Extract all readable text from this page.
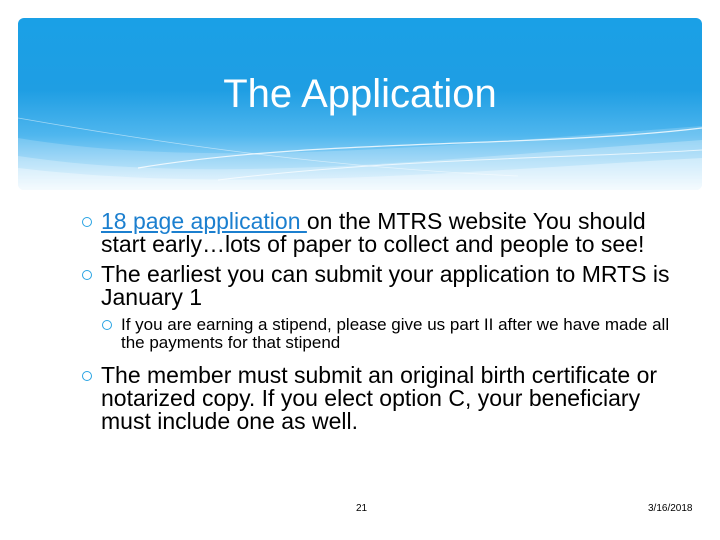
The Application
18 page application on the MTRS website You should start early…lots of paper to collect and people to see!
The earliest you can submit your application to MRTS is January 1
If you are earning a stipend, please give us part II after we have made all the payments for that stipend
The member must submit an original birth certificate or notarized copy. If you elect option C, your beneficiary must include one as well.
21	3/16/2018
